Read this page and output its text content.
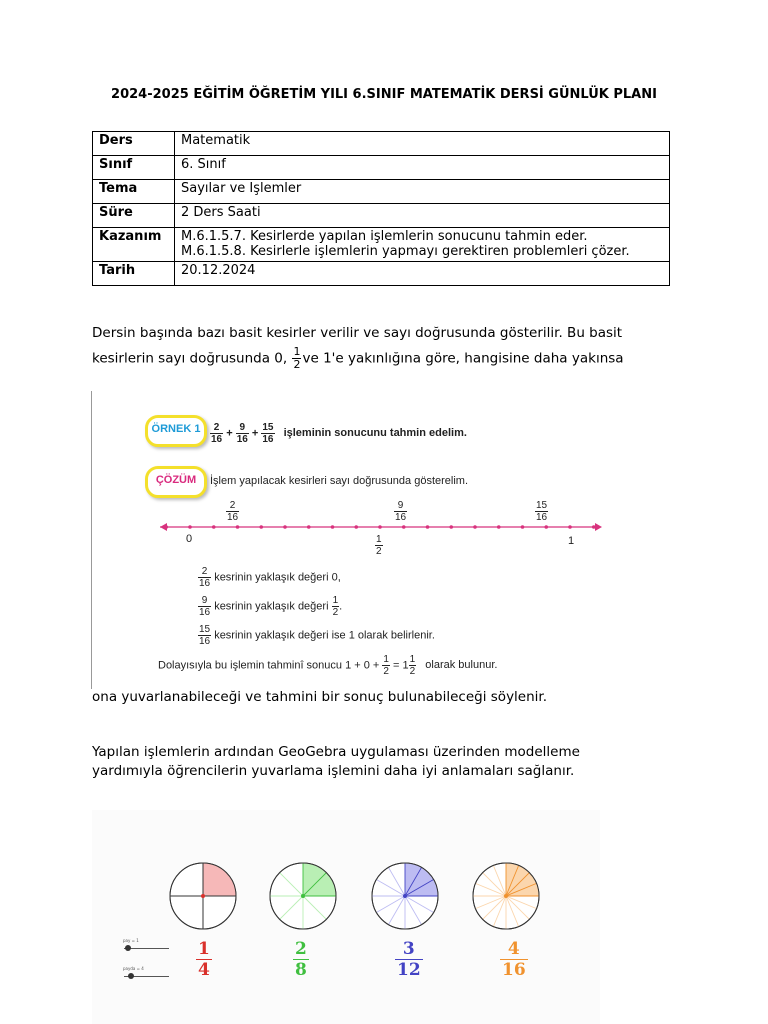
2024-2025 EĞİTİM ÖĞRETİM YILI 6.SINIF MATEMATİK DERSİ GÜNLÜK PLANI
Ders	Matematik
Sınıf	6. Sınıf
Tema	Sayılar ve Işlemler
Süre	2 Ders Saati
Kazanım	M.6.1.5.7. Kesirlerde yapılan işlemlerin sonucunu tahmin eder.
M.6.1.5.8. Kesirlerle işlemlerin yapmayı gerektiren problemleri çözer.

Tarih	20.12.2024
Dersin başında bazı basit kesirler verilir ve sayı doğrusunda gösterilir. Bu basit
kesirlerin sayı doğrusunda 0, $\frac{1}{2}$ ve 1'e yakınlığına göre, hangisine daha yakınsa
ÖRNEK $1 \frac{2}{16} + \frac{9}{16} + \frac{15}{16}$ işleminin sonucunu tahmin edelim.
ÇÖZÜM	İşlem yapılacak kesirleri sayı doğrusunda gösterelim.
$\frac{2}{16}$	$\frac{9}{16}$	$\frac{15}{16}$
0	$\frac{1}{2}$	1
$\frac{2}{16}$ kesrinin yaklaşık değeri 0,
$\frac{9}{16}$ kesrinin yaklaşık değeri $\frac{1}{2}$ .
$\frac{15}{16}$ kesrinin yaklaşık değeri ise 1 olarak belirlenir.
Dolayısıyla bu işlemin tahminî sonucu $1 + 0 + \frac{1}{2} = 1 \frac{1}{2}$ olarak bulunur.
ona yuvarlanabileceği ve tahmini bir sonuç bulunabileceği söylenir.
Yapılan işlemlerin ardından GeoGebra uygulaması üzerinden modelleme
yardımıyla öğrencilerin yuvarlama işlemini daha iyi anlamaları sağlanır.
pay = 1
payda = 4	$\frac{1}{4}$	$\frac{2}{8}$	$\frac{3}{12}$	$\frac{4}{16}$
